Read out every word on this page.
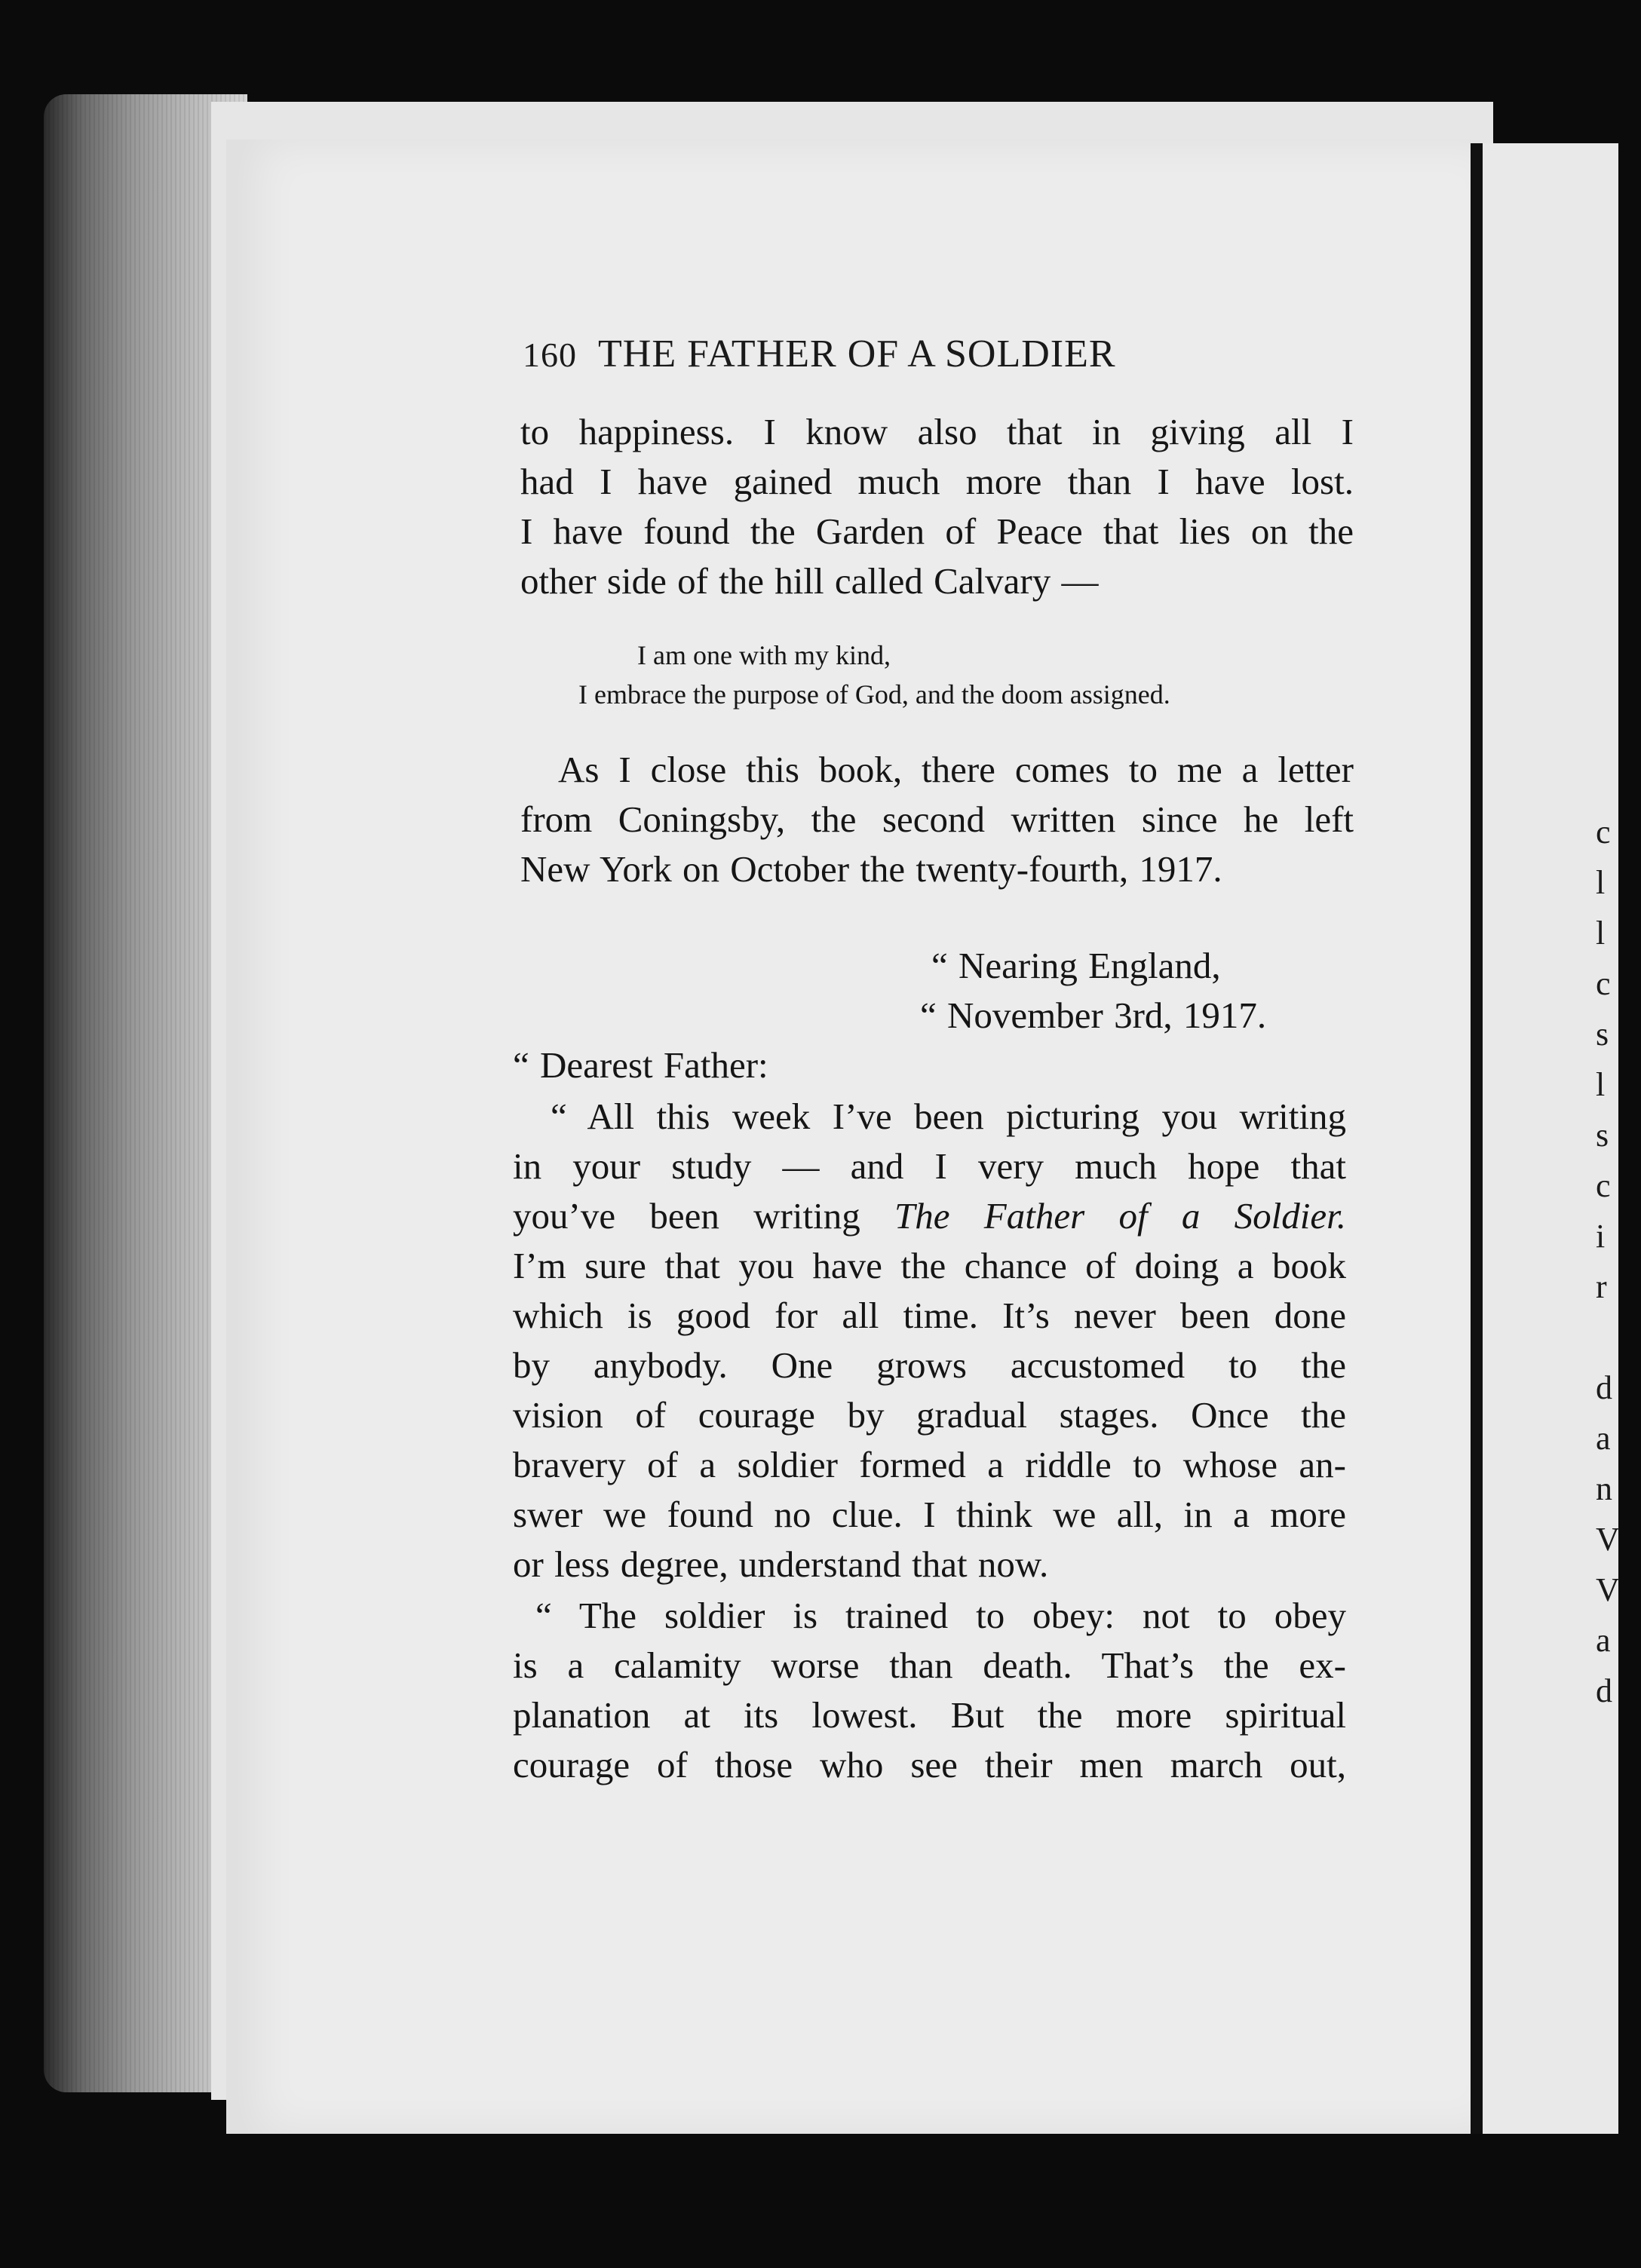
c
l
l
c
s
l
s
c
i
r
d
a
n
V
V
a
d
160 THE FATHER OF A SOLDIER
to happiness. I know also that in giving all I
had I have gained much more than I have lost.
I have found the Garden of Peace that lies on the
other side of the hill called Calvary —
I am one with my kind,
I embrace the purpose of God, and the doom assigned.
As I close this book, there comes to me a letter
from Coningsby, the second written since he left
New York on October the twenty-fourth, 1917.
“ Nearing England,
“ November 3rd, 1917.
“ Dearest Father:
“ All this week I’ve been picturing you writing
in your study — and I very much hope that
you’ve been writing The Father of a Soldier.
I’m sure that you have the chance of doing a book
which is good for all time. It’s never been done
by anybody. One grows accustomed to the
vision of courage by gradual stages. Once the
bravery of a soldier formed a riddle to whose an-
swer we found no clue. I think we all, in a more
or less degree, understand that now.
“ The soldier is trained to obey: not to obey
is a calamity worse than death. That’s the ex-
planation at its lowest. But the more spiritual
courage of those who see their men march out,
